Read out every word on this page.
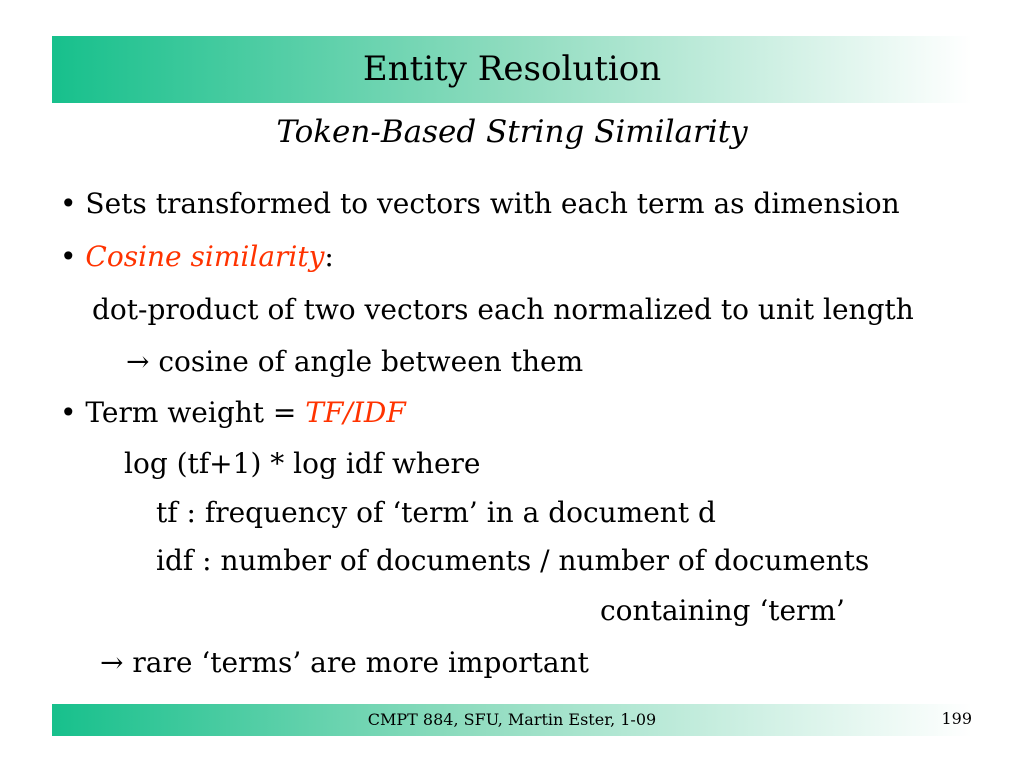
Entity Resolution
Token-Based String Similarity
• Sets transformed to vectors with each term as dimension
• Cosine similarity:
dot-product of two vectors each normalized to unit length
→ cosine of angle between them
• Term weight = TF/IDF
log (tf+1) * log idf where
tf : frequency of ‘term’ in a document d
idf : number of documents / number of documents
containing ‘term’
→ rare ‘terms’ are more important
CMPT 884, SFU, Martin Ester, 1-09	199
